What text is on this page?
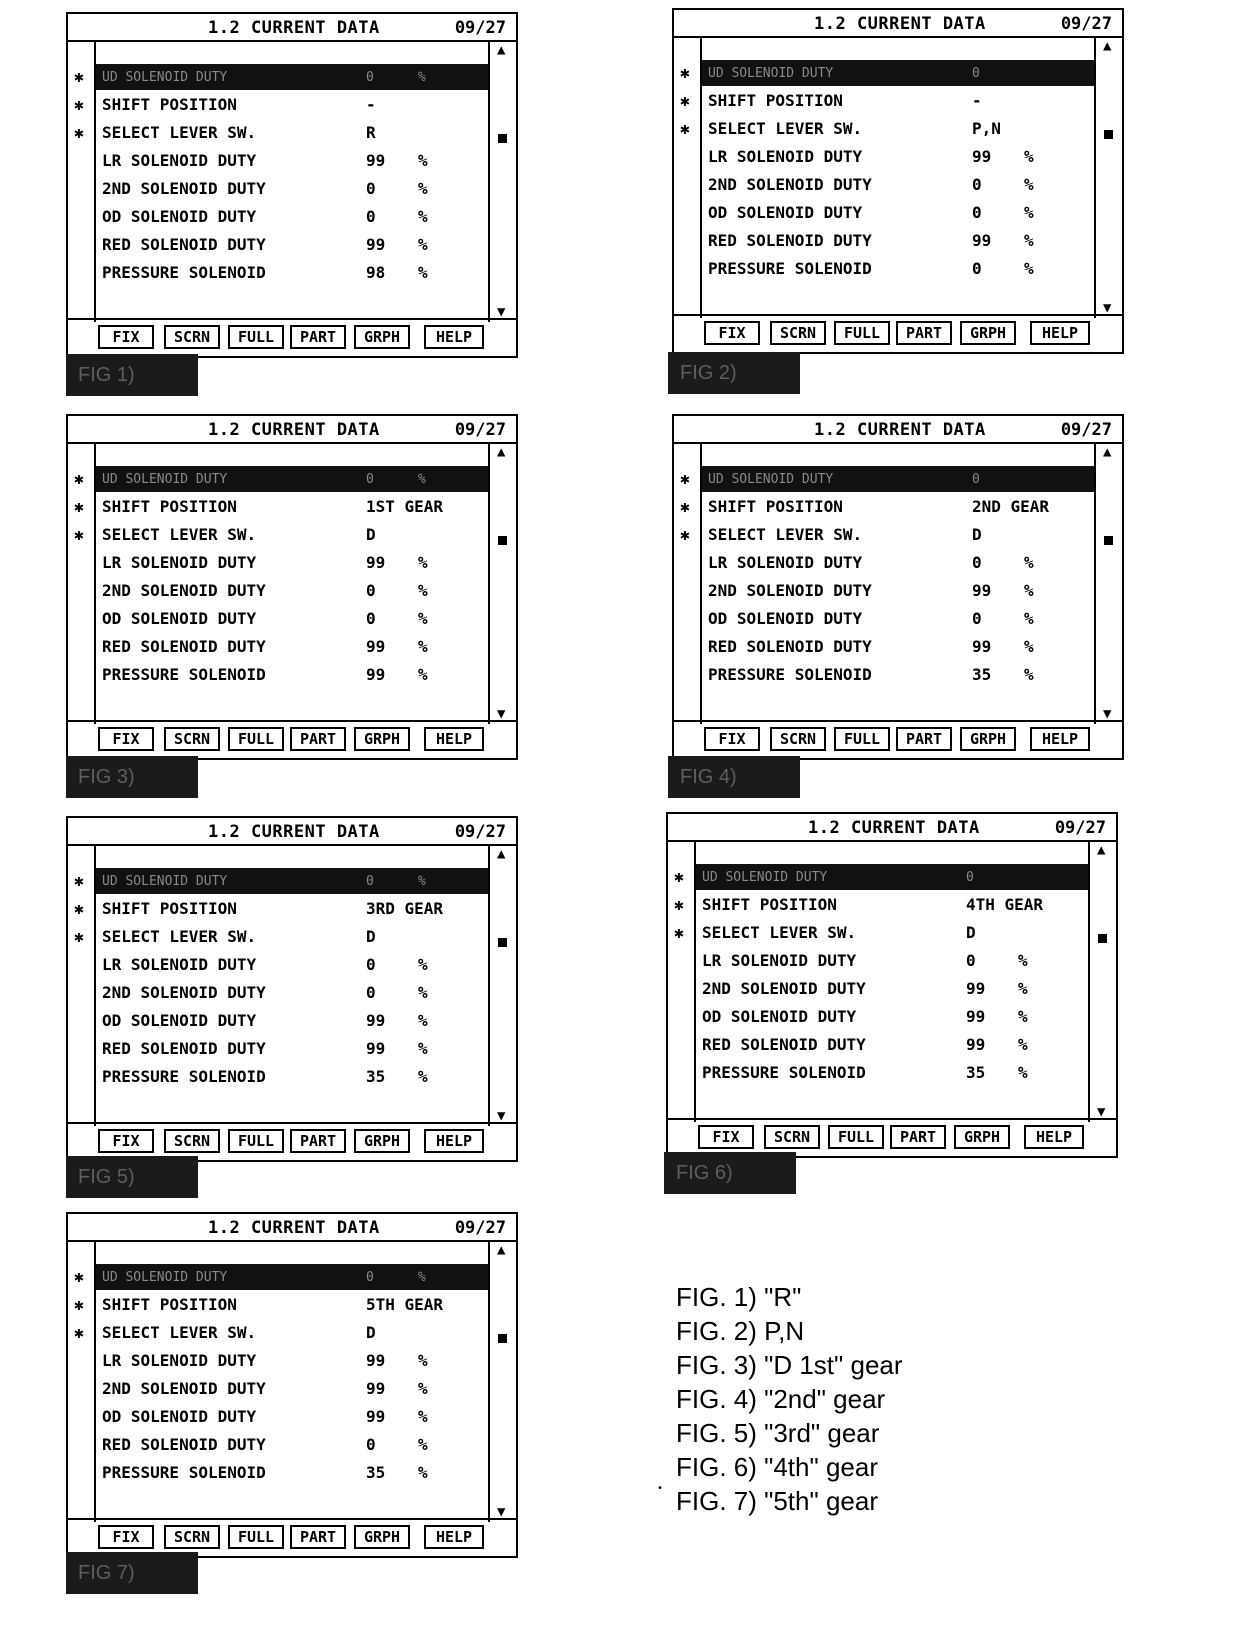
1.2 CURRENT DATA	09/27
✱ UD SOLENOID DUTY	0	%
✱ SHIFT POSITION	-
✱ SELECT LEVER SW.	R
LR SOLENOID DUTY	99 %
2ND SOLENOID DUTY	0	%
OD SOLENOID DUTY	0	%
RED SOLENOID DUTY	99 %
PRESSURE SOLENOID	98 %
▲
▼
FIX	SCRN	FULL	PART	GRPH	HELP
FIG 1)
1.2 CURRENT DATA	09/27
✱ UD SOLENOID DUTY	0
✱ SHIFT POSITION	-
✱ SELECT LEVER SW.	P,N
LR SOLENOID DUTY	99 %
2ND SOLENOID DUTY	0	%
OD SOLENOID DUTY	0	%
RED SOLENOID DUTY	99 %
PRESSURE SOLENOID	0	%
▲
▼
FIX	SCRN	FULL	PART	GRPH	HELP
FIG 2)
1.2 CURRENT DATA	09/27
✱ UD SOLENOID DUTY	0	%
✱ SHIFT POSITION	1ST GEAR
✱ SELECT LEVER SW.	D
LR SOLENOID DUTY	99 %
2ND SOLENOID DUTY	0	%
OD SOLENOID DUTY	0	%
RED SOLENOID DUTY	99 %
PRESSURE SOLENOID	99 %
▲
▼
FIX	SCRN	FULL	PART	GRPH	HELP
FIG 3)
1.2 CURRENT DATA	09/27
✱ UD SOLENOID DUTY	0
✱ SHIFT POSITION	2ND GEAR
✱ SELECT LEVER SW.	D
LR SOLENOID DUTY	0	%
2ND SOLENOID DUTY	99 %
OD SOLENOID DUTY	0	%
RED SOLENOID DUTY	99 %
PRESSURE SOLENOID	35 %
▲
▼
FIX	SCRN	FULL	PART	GRPH	HELP
FIG 4)
1.2 CURRENT DATA	09/27
✱ UD SOLENOID DUTY	0	%
✱ SHIFT POSITION	3RD GEAR
✱ SELECT LEVER SW.	D
LR SOLENOID DUTY	0	%
2ND SOLENOID DUTY	0	%
OD SOLENOID DUTY	99 %
RED SOLENOID DUTY	99 %
PRESSURE SOLENOID	35 %
▲
▼
FIX	SCRN	FULL	PART	GRPH	HELP
FIG 5)
1.2 CURRENT DATA	09/27
✱ UD SOLENOID DUTY	0
✱ SHIFT POSITION	4TH GEAR
✱ SELECT LEVER SW.	D
LR SOLENOID DUTY	0	%
2ND SOLENOID DUTY	99 %
OD SOLENOID DUTY	99 %
RED SOLENOID DUTY	99 %
PRESSURE SOLENOID	35 %
▲
▼
FIX	SCRN	FULL	PART	GRPH	HELP
FIG 6)
1.2 CURRENT DATA	09/27
✱ UD SOLENOID DUTY	0	%
✱ SHIFT POSITION	5TH GEAR
✱ SELECT LEVER SW.	D
LR SOLENOID DUTY	99 %
2ND SOLENOID DUTY	99 %
OD SOLENOID DUTY	99 %
RED SOLENOID DUTY	0	%
PRESSURE SOLENOID	35 %
▲
▼
FIX	SCRN	FULL	PART	GRPH	HELP
FIG 7)
FIG. 1) "R"
FIG. 2) P,N
FIG. 3) "D 1st" gear
FIG. 4) "2nd" gear
FIG. 5) "3rd" gear
FIG. 6) "4th" gear
FIG. 7) "5th" gear
•
